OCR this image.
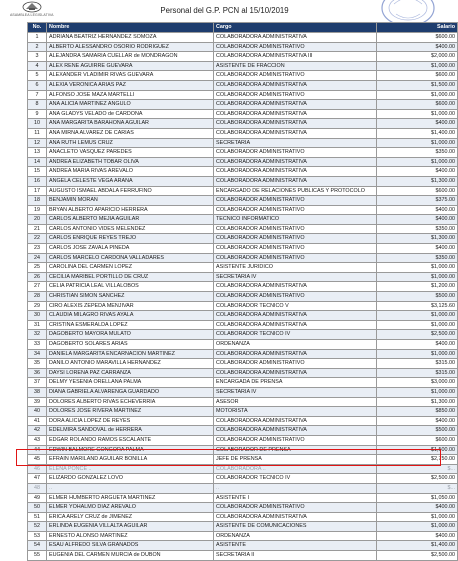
ASAMBLEA LEGISLATIVA	Personal del G.P. PCN al 15/10/2019
No.	Nombre	Cargo	Salario
1	ADRIANA BEATRIZ HERNANDEZ SOMOZA	COLABORADORA ADMINISTRATIVA	$600.00
2	ALBERTO ALESSANDRO OSORIO RODRIGUEZ	COLABORADOR ADMINISTRATIVO	$400.00
3	ALEJANDRA SAMARIA CUELLAR de MONDRAGON	COLABORADORA ADMINISTRATIVA III	$2,000.00
4	ALEX RENE AGUIRRE GUEVARA	ASISTENTE DE FRACCION	$1,000.00
5	ALEXANDER VLADIMIR RIVAS GUEVARA	COLABORADOR ADMINISTRATIVO	$600.00
6	ALEXIA VERONICA ARIAS PAZ	COLABORADORA ADMINISTRATIVA	$1,500.00
7	ALFONSO JOSE MAZA MARTELLI	COLABORADOR ADMINISTRATIVO	$1,000.00
8	ANA ALICIA MARTINEZ ANGULO	COLABORADORA ADMINISTRATIVA	$600.00
9	ANA GLADYS VELADO de CARDONA	COLABORADORA ADMINISTRATIVA	$1,000.00
10	ANA MARGARITA BARAHONA AGUILAR	COLABORADORA ADMINISTRATIVA	$400.00
11	ANA MIRNA ALVAREZ DE CARIAS	COLABORADORA ADMINISTRATIVA	$1,400.00
12	ANA RUTH LEMUS CRUZ	SECRETARIA	$1,000.00
13	ANACLETO VASQUEZ PAREDES	COLABORADOR ADMINISTRATIVO	$350.00
14	ANDREA ELIZABETH TOBAR OLIVA	COLABORADORA ADMINISTRATIVA	$1,000.00
15	ANDREA MARIA RIVAS AREVALO	COLABORADORA ADMINISTRATIVA	$400.00
16	ANGELA CELESTE VEGA ARANA	COLABORADORA ADMINISTRATIVA	$1,300.00
17	AUGUSTO ISMAEL ABDALA FERRUFINO	ENCARGADO DE RELACIONES PUBLICAS Y PROTOCOLO	$600.00
18	BENJAMIN MORAN	COLABORADOR ADMINISTRATIVO	$375.00
19	BRYAN ALBERTO APARICIO HERRERA	COLABORADOR ADMINISTRATIVO	$400.00
20	CARLOS ALBERTO MEJIA AGUILAR	TECNICO INFORMATICO	$400.00
21	CARLOS ANTONIO VIDES MELENDEZ	COLABORADOR ADMINISTRATIVO	$350.00
22	CARLOS ENRIQUE REYES TREJO	COLABORADOR ADMINISTRATIVO	$1,300.00
23	CARLOS JOSE ZAVALA PINEDA	COLABORADOR ADMINISTRATIVO	$400.00
24	CARLOS MARCELO CARDONA VALLADARES	COLABORADOR ADMINISTRATIVO	$350.00
25	CAROLINA DEL CARMEN LOPEZ	ASISTENTE JURIDICO	$1,000.00
26	CECILIA MARIBEL PORTILLO DE CRUZ	SECRETARIA IV	$1,000.00
27	CELIA PATRICIA LEAL VILLALOBOS	COLABORADORA ADMINISTRATIVA	$1,200.00
28	CHRISTIAN SIMON SANCHEZ	COLABORADOR ADMINISTRATIVO	$500.00
29	CIRO ALEXIS ZEPEDA MENJIVAR	COLABORADOR TECNICO V	$3,125.60
30	CLAUDIA MILAGRO RIVAS AYALA	COLABORADORA ADMINISTRATIVA	$1,000.00
31	CRISTINA ESMERALDA LOPEZ	COLABORADORA ADMINISTRATIVA	$1,000.00
32	DAGOBERTO MAYORA MULATO	COLABORADOR TECNICO IV	$2,500.00
33	DAGOBERTO SOLARES ARIAS	ORDENANZA	$400.00
34	DANIELA MARGARITA ENCARNACION MARTINEZ	COLABORADORA ADMINISTRATIVA	$1,000.00
35	DANILO ANTONIO MARAVILLA HERNANDEZ	COLABORADOR ADMINISTRATIVO	$315.00
36	DAYSI LORENA PAZ CARRANZA	COLABORADORA ADMINISTRATIVA	$315.00
37	DELMY YESENIA ORELLANA PALMA	ENCARGADA DE PRENSA	$3,000.00
38	DIANA GABRIELA ALVARENGA GUARDADO	SECRETARIA IV	$1,000.00
39	DOLORES ALBERTO RIVAS ECHEVERRIA	ASESOR	$1,300.00
40	DOLORES JOSE RIVERA MARTINEZ	MOTORISTA	$850.00
41	DORA ALICIA LOPEZ DE REYES	COLABORADORA ADMINISTRATIVA	$400.00
42	EDELMIRA SANDOVAL de HERRERA	COLABORADORA ADMINISTRATIVA	$500.00
43	EDGAR ROLANDO RAMOS ESCALANTE	COLABORADOR ADMINISTRATIVO	$600.00
44	EDWIN BALMORE GONGORA PALMA	COLABORADOR DE PRENSA	$1,500.00
45	EFRAIN MARILAND AGUILAR BONILLA	JEFE DE PRENSA	$2,750.00
46	ELENA PONCE ..	COLABORADORA ..	$...
47	ELIZARDO GONZALEZ LOVO	COLABORADOR TECNICO IV	$2,500.00
48	..	..	$...
49	ELMER HUMBERTO ARGUETA MARTINEZ	ASISTENTE I	$1,050.00
50	ELMER YOHALMO DIAZ AREVALO	COLABORADOR ADMINISTRATIVO	$400.00
51	ERICA ARELY CRUZ de JIMENEZ	COLABORADORA ADMINISTRATIVA	$1,000.00
52	ERLINDA EUGENIA VILLALTA AGUILAR	ASISTENTE DE COMUNICACIONES	$1,000.00
53	ERNESTO ALONSO MARTINEZ	ORDENANZA	$400.00
54	ESAU ALFREDO SILVA GRANADOS	ASISTENTE	$1,400.00
55	EUGENIA DEL CARMEN MURCIA de DUBON	SECRETARIA II	$2,500.00
